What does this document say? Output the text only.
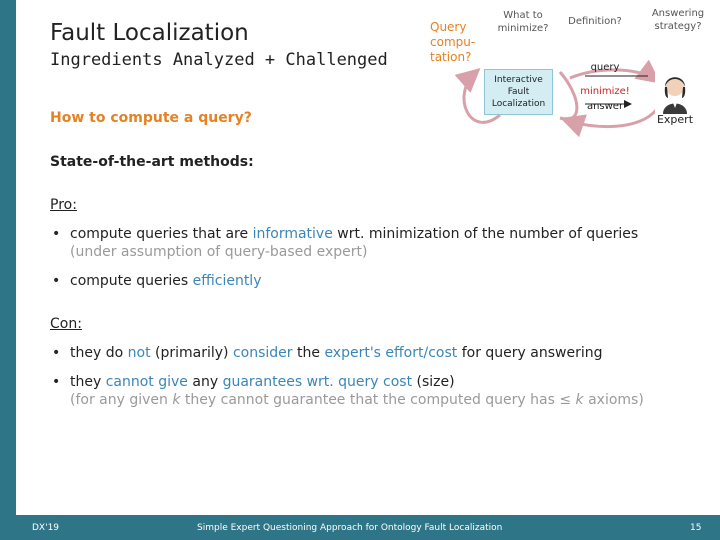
Fault Localization
Ingredients Analyzed + Challenged
Query
compu-
tation?
What to
minimize?
Definition?
Answering
strategy?
Interactive
Fault
Localization
query
minimize!
answer
Expert
How to compute a query?
State-of-the-art methods:
Pro:
• compute queries that are informative wrt. minimization of the number of queries
(under assumption of query-based expert)
• compute queries efficiently
Con:
• they do not (primarily) consider the expert's effort/cost for query answering
• they cannot give any guarantees wrt. query cost (size)
(for any given k they cannot guarantee that the computed query has ≤ k axioms)
DX'19	Simple Expert Questioning Approach for Ontology Fault Localization	15
